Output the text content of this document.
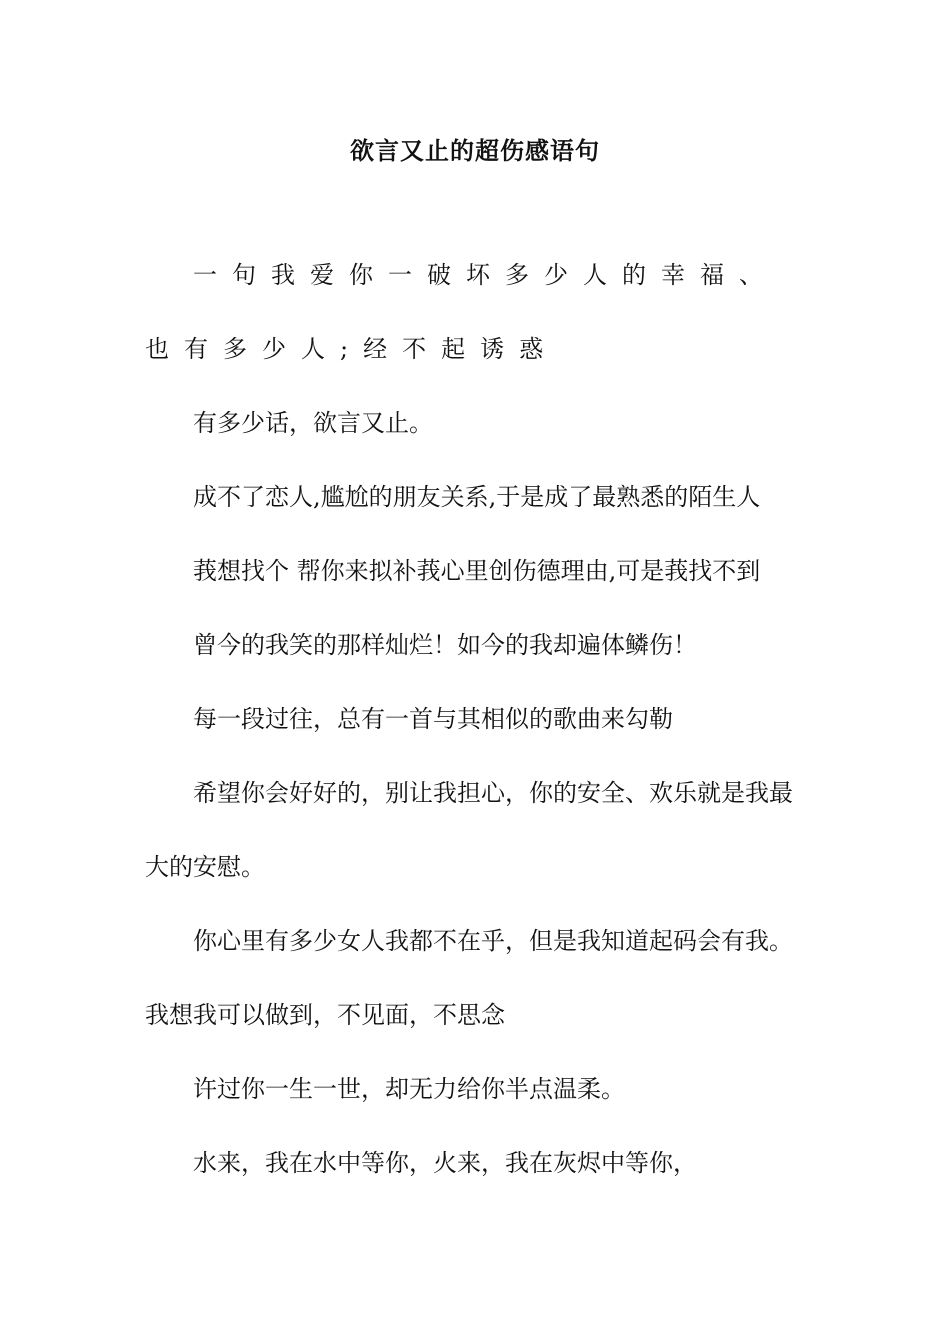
欲言又止的超伤感语句

一句我爱你一破坏多少人的幸福、也有多少人;经不起诱惑

有多少话，欲言又止。

成不了恋人,尴尬的朋友关系,于是成了最熟悉的陌生人

莪想找个 帮你来拟补莪心里创伤德理由,可是莪找不到

曾今的我笑的那样灿烂！如今的我却遍体鳞伤！

每一段过往，总有一首与其相似的歌曲来勾勒

希望你会好好的，别让我担心，你的安全、欢乐就是我最大的安慰。

你心里有多少女人我都不在乎，但是我知道起码会有我。我想我可以做到，不见面，不思念

许过你一生一世，却无力给你半点温柔。

水来，我在水中等你，火来，我在灰烬中等你，
